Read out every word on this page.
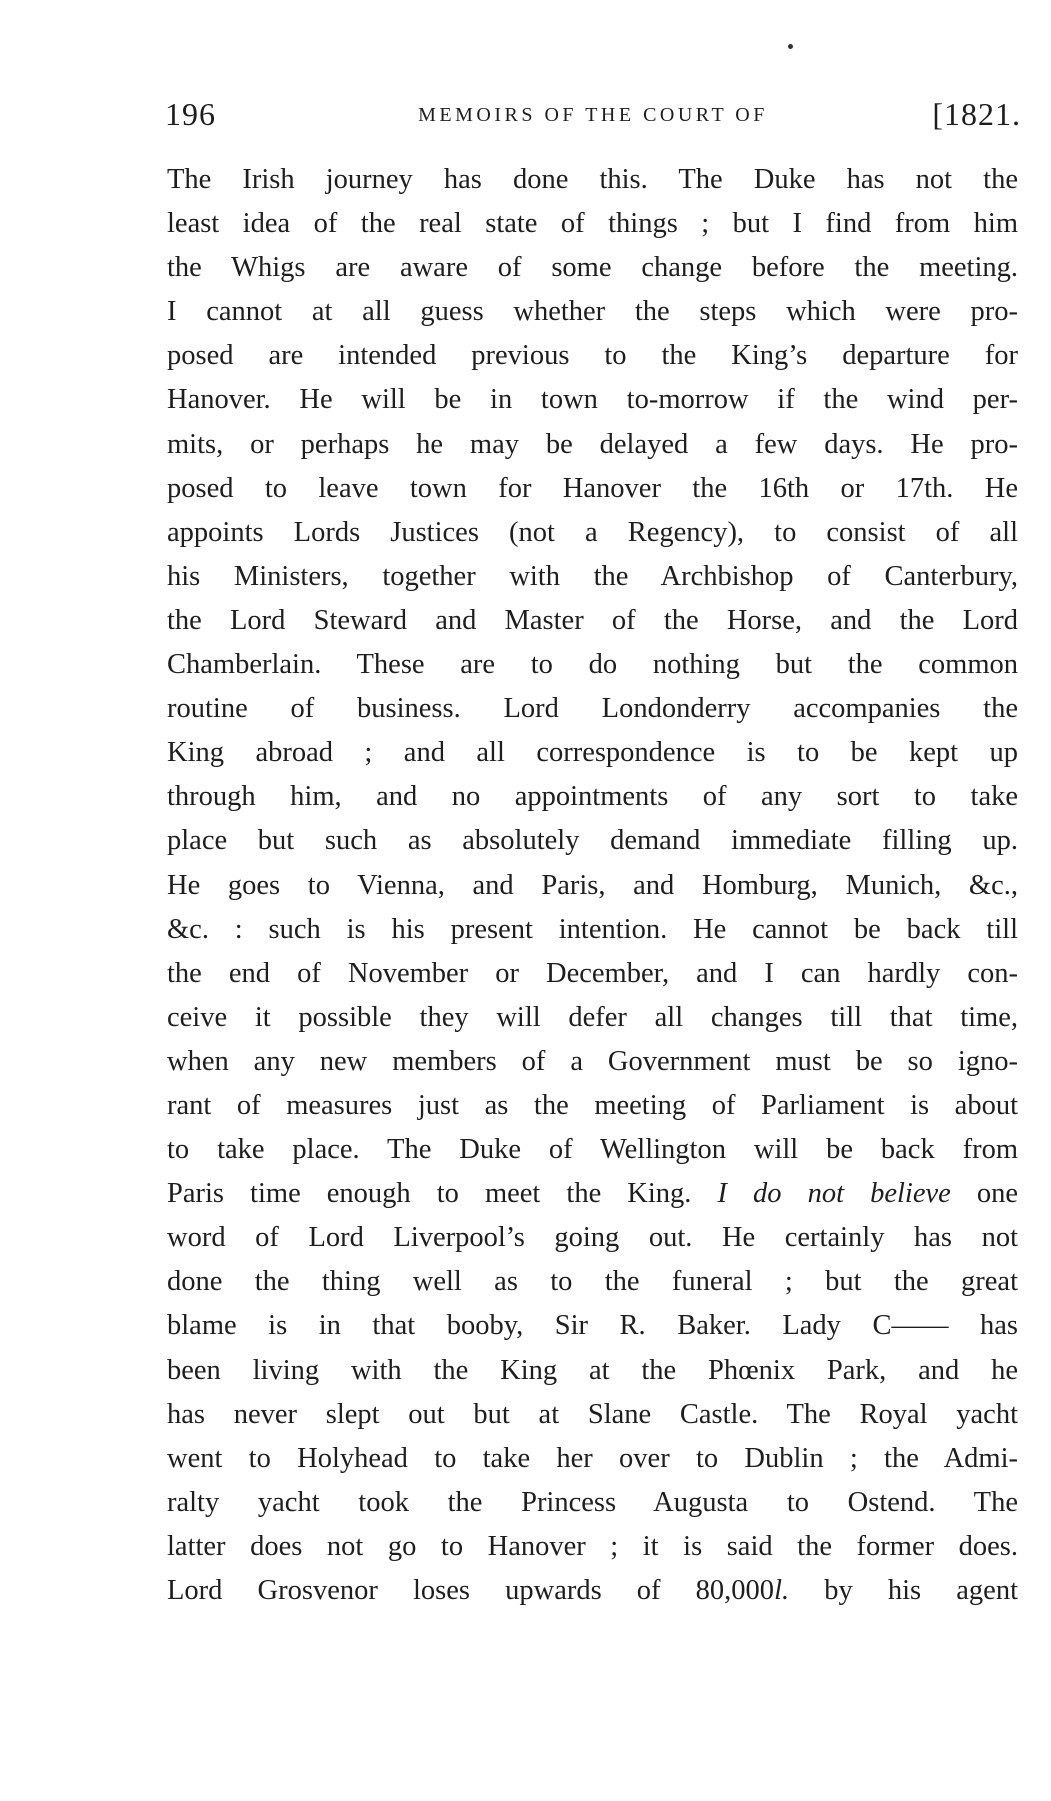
196	MEMOIRS OF THE COURT OF	[1821.
The Irish journey has done this. The Duke has not the
least idea of the real state of things ; but I find from him
the Whigs are aware of some change before the meeting.
I cannot at all guess whether the steps which were pro-
posed are intended previous to the King’s departure for
Hanover. He will be in town to-morrow if the wind per-
mits, or perhaps he may be delayed a few days. He pro-
posed to leave town for Hanover the 16th or 17th. He
appoints Lords Justices (not a Regency), to consist of all
his Ministers, together with the Archbishop of Canterbury,
the Lord Steward and Master of the Horse, and the Lord
Chamberlain. These are to do nothing but the common
routine of business. Lord Londonderry accompanies the
King abroad ; and all correspondence is to be kept up
through him, and no appointments of any sort to take
place but such as absolutely demand immediate filling up.
He goes to Vienna, and Paris, and Homburg, Munich, &c.,
&c. : such is his present intention. He cannot be back till
the end of November or December, and I can hardly con-
ceive it possible they will defer all changes till that time,
when any new members of a Government must be so igno-
rant of measures just as the meeting of Parliament is about
to take place. The Duke of Wellington will be back from
Paris time enough to meet the King. I do not believe one
word of Lord Liverpool’s going out. He certainly has not
done the thing well as to the funeral ; but the great
blame is in that booby, Sir R. Baker. Lady C—— has
been living with the King at the Phœnix Park, and he
has never slept out but at Slane Castle. The Royal yacht
went to Holyhead to take her over to Dublin ; the Admi-
ralty yacht took the Princess Augusta to Ostend. The
latter does not go to Hanover ; it is said the former does.
Lord Grosvenor loses upwards of 80,000l. by his agent
